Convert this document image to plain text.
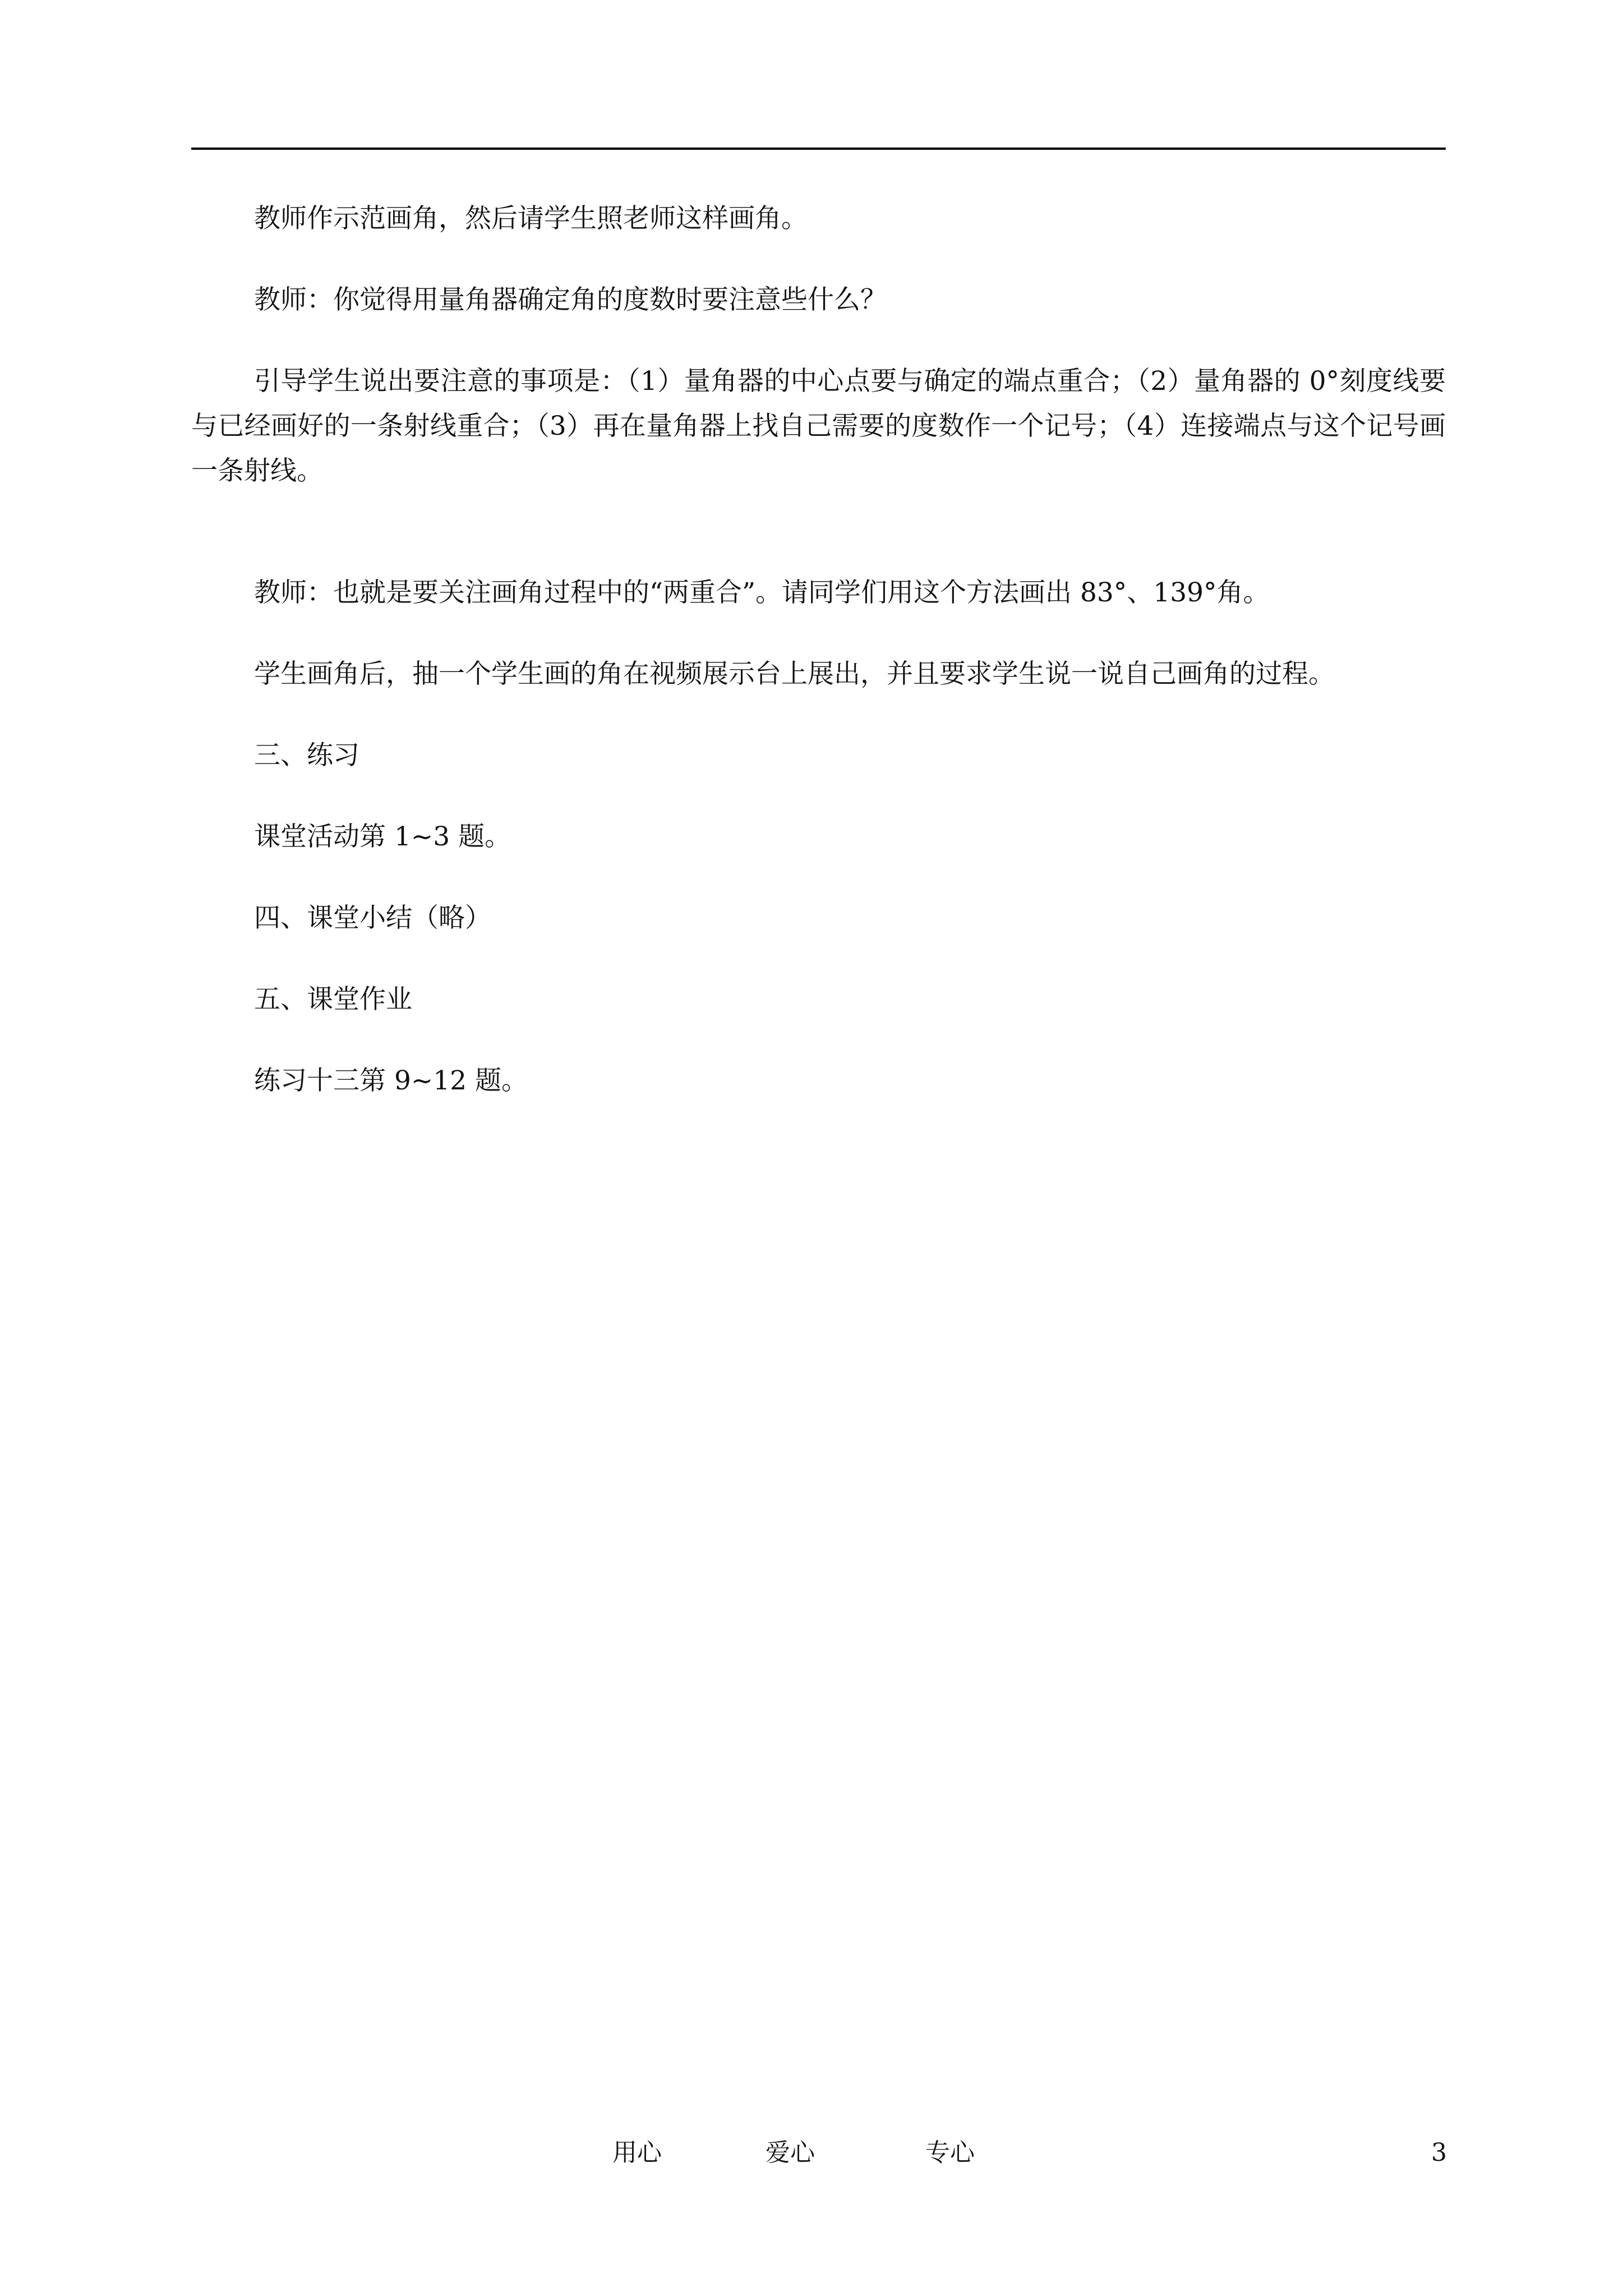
教师作示范画角，然后请学生照老师这样画角。

教师：你觉得用量角器确定角的度数时要注意些什么？

引导学生说出要注意的事项是：（1）量角器的中心点要与确定的端点重合；（2）量角器的 0°刻度线要与已经画好的一条射线重合；（3）再在量角器上找自己需要的度数作一个记号；（4）连接端点与这个记号画一条射线。

教师：也就是要关注画角过程中的“两重合”。请同学们用这个方法画出 83°、139°角。

学生画角后，抽一个学生画的角在视频展示台上展出，并且要求学生说一说自己画角的过程。

三、练习

课堂活动第 1~3 题。

四、课堂小结（略）

五、课堂作业

练习十三第 9~12 题。

用心	爱心	专心	3
